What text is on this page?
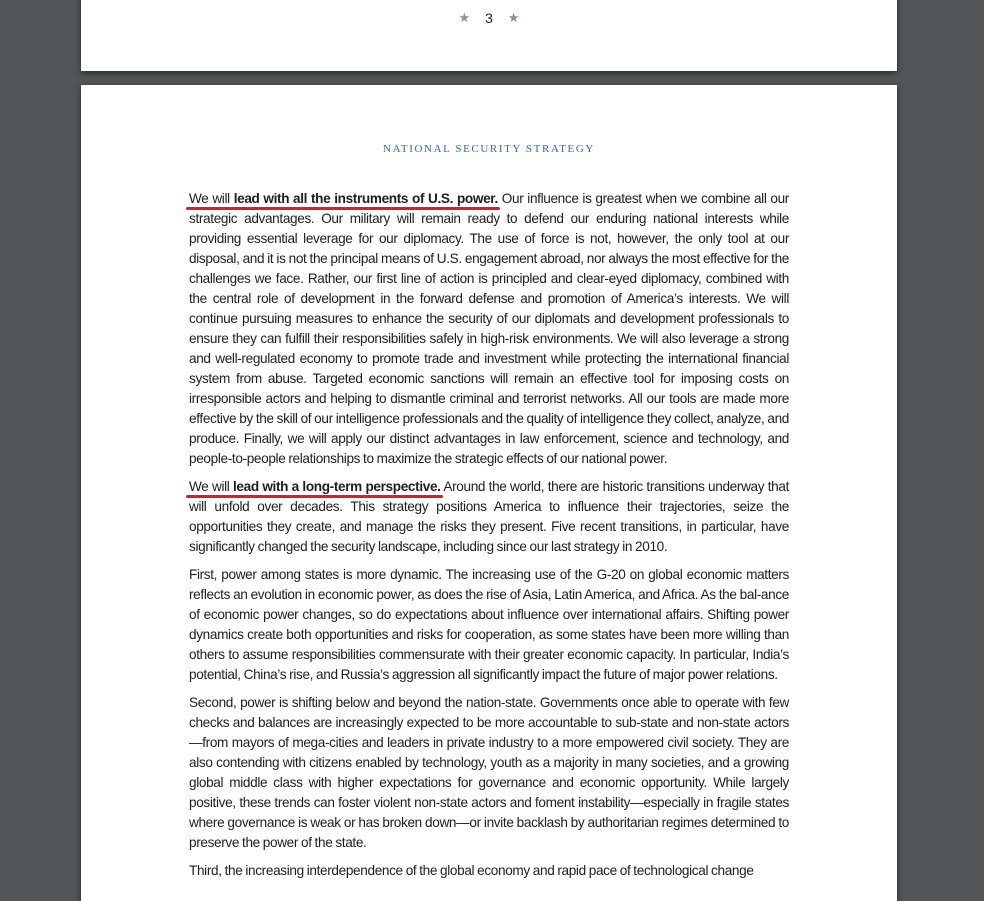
★ 3 ★
NATIONAL SECURITY STRATEGY

We will lead with all the instruments of U.S. power.
Our influence is greatest when we combine all our strategic advantages. Our military will remain ready to defend our enduring national interests while providing essential leverage for our diplomacy. The use of force is not, however, the only tool at our disposal, and it is not the principal means of U.S. engagement abroad, nor always the most effective for the challenges we face. Rather, our first line of action is principled and clear-eyed diplomacy, combined with the central role of development in the forward defense and promotion of America’s interests. We will continue pursuing measures to enhance the security of our diplomats and development professionals to ensure they can fulfill their responsibilities safely in high-risk environments. We will also leverage a strong and well-regulated economy to promote trade and investment while protecting the international financial system from abuse. Targeted economic sanctions will remain an effective tool for imposing costs on irresponsible actors and helping to dismantle criminal and terrorist networks. All our tools are made more effective by the skill of our intelligence professionals and the quality of intelligence they collect, analyze, and produce. Finally, we will apply our distinct advantages in law enforcement, science and technology, and people-to-people relationships to maximize the strategic effects of our national power.

We will lead with a long-term perspective.
Around the world, there are historic transitions underway that will unfold over decades. This strategy positions America to influence their trajectories, seize the opportunities they create, and manage the risks they present. Five recent transitions, in particular, have significantly changed the security landscape, including since our last strategy in 2010.

First, power among states is more dynamic. The increasing use of the G-20 on global economic matters reflects an evolution in economic power, as does the rise of Asia, Latin America, and Africa. As the bal-ance of economic power changes, so do expectations about influence over international affairs. Shifting power dynamics create both opportunities and risks for cooperation, as some states have been more willing than others to assume responsibilities commensurate with their greater economic capacity. In particular, India’s potential, China’s rise, and Russia’s aggression all significantly impact the future of major power relations.

Second, power is shifting below and beyond the nation-state. Governments once able to operate with few checks and balances are increasingly expected to be more accountable to sub-state and non-state actors—from mayors of mega-cities and leaders in private industry to a more empowered civil society. They are also contending with citizens enabled by technology, youth as a majority in many societies, and a growing global middle class with higher expectations for governance and economic opportunity. While largely positive, these trends can foster violent non-state actors and foment instability—especially in fragile states where governance is weak or has broken down—or invite backlash by authoritarian regimes determined to preserve the power of the state.

Third, the increasing interdependence of the global economy and rapid pace of technological change
